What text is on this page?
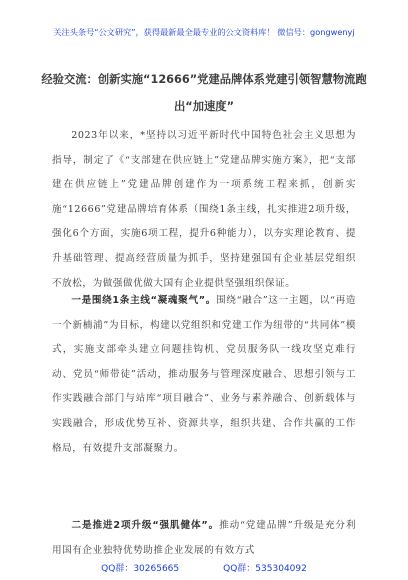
关注头条号“公文研究”，获得最新最全最专业的公文资料库！ 微信号：gongwenyj
经验交流：创新实施“12666”党建品牌体系党建引领智慧物流跑出“加速度”

2023年以来，*坚持以习近平新时代中国特色社会主义思想为指导，制定了《“支部建在供应链上”党建品牌实施方案》，把“支部建在供应链上”党建品牌创建作为一项系统工程来抓，创新实施“12666”党建品牌培育体系（围绕1条主线，扎实推进2项升级，强化6个方面，实施6项工程，提升6种能力），以夯实理论教育、提升基础管理、提高经营质量为抓手，坚持建强国有企业基层党组织不放松，为做强做优做大国有企业提供坚强组织保证。

一是围绕1条主线“凝魂聚气”。围绕“融合”这一主题，以“再造一个新楠浦”为目标，构建以党组织和党建工作为纽带的“共同体”模式，实施支部牵头建立问题挂钩机、党员服务队一线攻坚克难行动、党员“师带徒”活动，推动服务与管理深度融合、思想引领与工作实践融合部门与站库“项目融合”、业务与素养融合、创新载体与实践融合，形成优势互补、资源共享，组织共建、合作共赢的工作格局，有效提升支部凝聚力。

二是推进2项升级“强肌健体”。推动“党建品牌”升级是充分利用国有企业独特优势助推企业发展的有效方式

QQ群：30265665	QQ群：535304092
